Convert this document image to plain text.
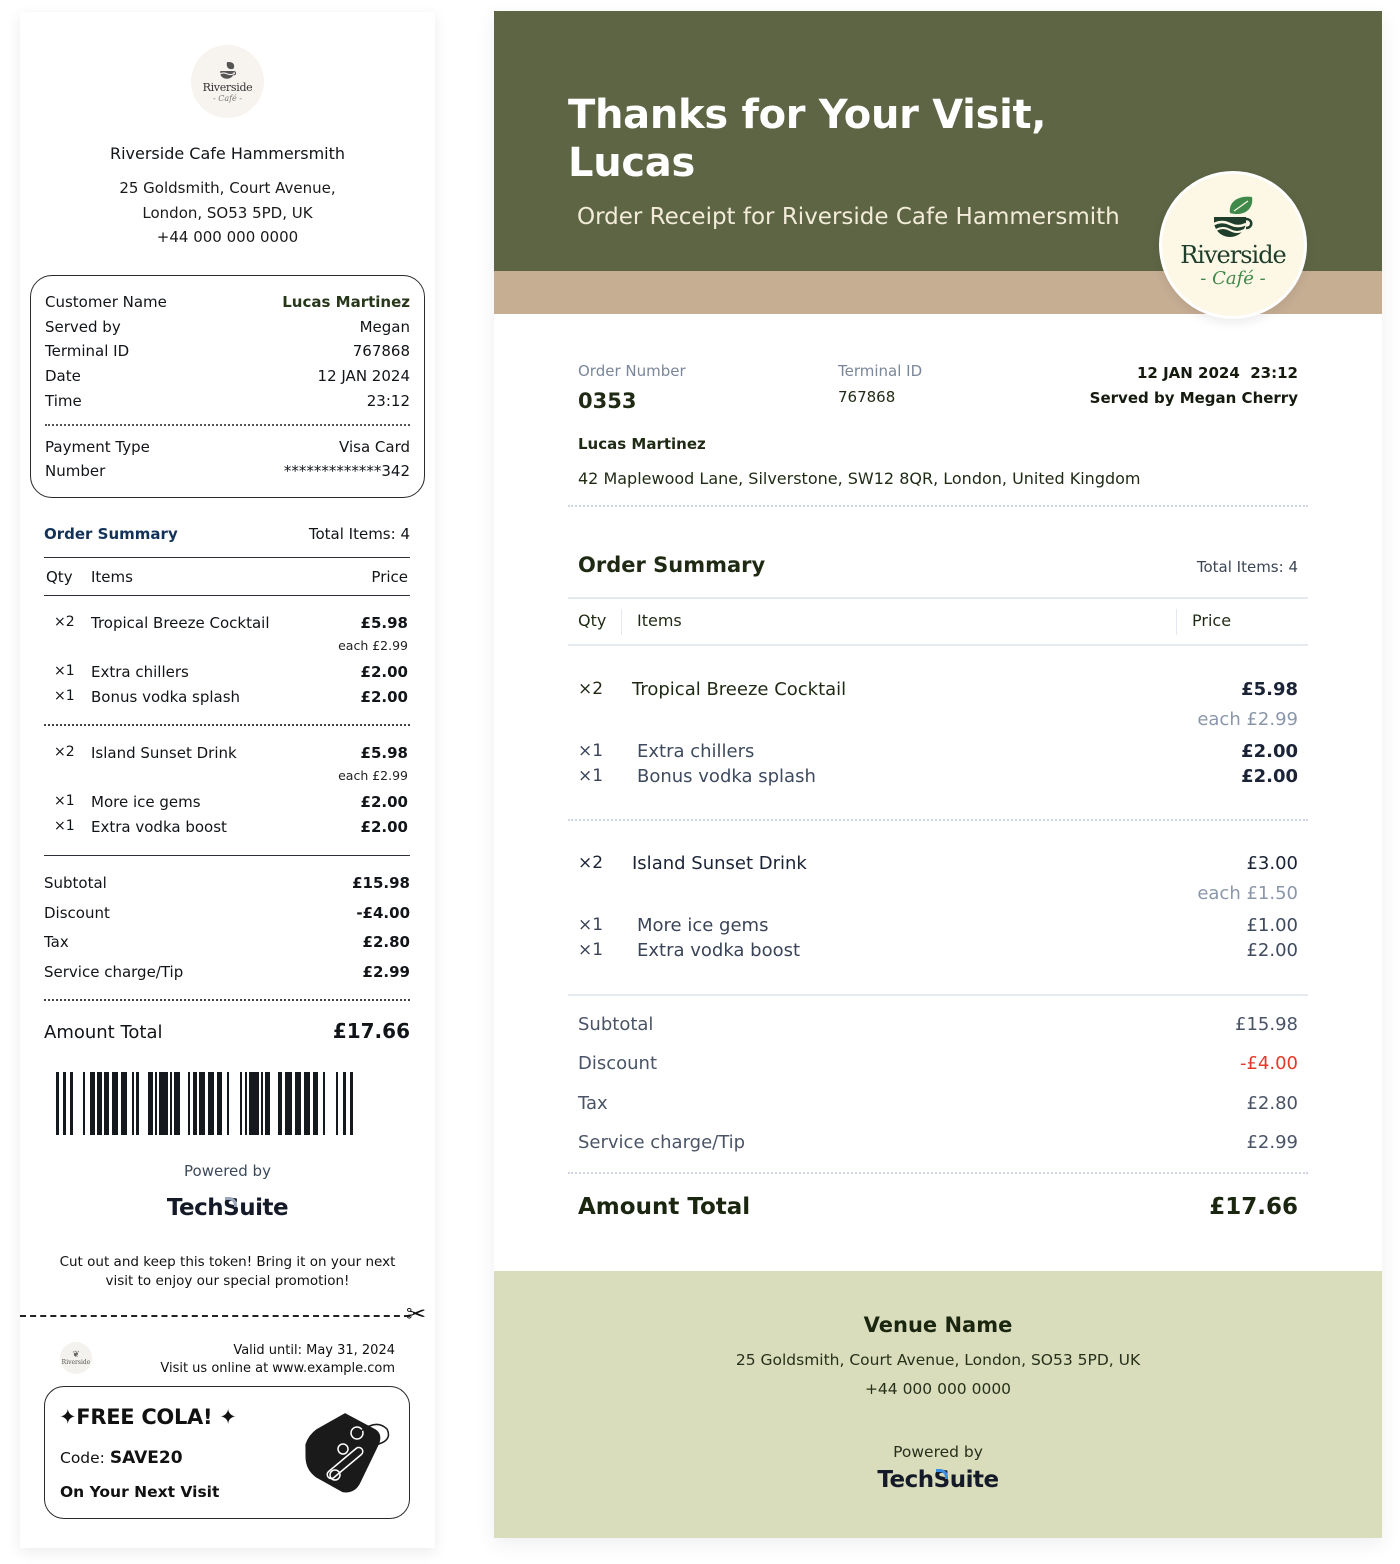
Riverside
- Café -
Riverside Cafe Hammersmith
25 Goldsmith, Court Avenue,
London, SO53 5PD, UK
+44 000 000 0000
Customer Name	Lucas Martinez
Served by	Megan
Terminal ID	767868
Date	12 JAN 2024
Time	23:12
Payment Type	Visa Card
Number	*************342
Order Summary	Total Items: 4
Qty Items	Price
×2 Tropical Breeze Cocktail	£5.98
each £2.99
×1 Extra chillers	£2.00
×1 Bonus vodka splash	£2.00
×2 Island Sunset Drink	£5.98
each £2.99
×1 More ice gems	£2.00
×1 Extra vodka boost	£2.00
Subtotal	£15.98
Discount	-£4.00
Tax	£2.80
Service charge/Tip	£2.99
Amount Total	£17.66
Powered by
TechSuite
Cut out and keep this token! Bring it on your next visit to enjoy our special promotion!
✂
❦
Riverside
Valid until: May 31, 2024
Visit us online at www.example.com
✦FREE COLA! ✦
Code: SAVE20
On Your Next Visit
Thanks for Your Visit,
Lucas
Order Receipt for Riverside Cafe Hammersmith
Riverside
- Café -
Order Number
0353
Terminal ID
767868
12 JAN 2024  23:12
Served by Megan Cherry
Lucas Martinez
42 Maplewood Lane, Silverstone, SW12 8QR, London, United Kingdom
Order Summary	Total Items: 4
Qty Items	Price
×2 Tropical Breeze Cocktail	£5.98
each £2.99
×1 Extra chillers	£2.00
×1 Bonus vodka splash	£2.00
×2 Island Sunset Drink	£3.00
each £1.50
×1 More ice gems	£1.00
×1 Extra vodka boost	£2.00
Subtotal	£15.98
Discount	-£4.00
Tax	£2.80
Service charge/Tip	£2.99
Amount Total	£17.66
Venue Name
25 Goldsmith, Court Avenue, London, SO53 5PD, UK
+44 000 000 0000
Powered by
TechSuite
